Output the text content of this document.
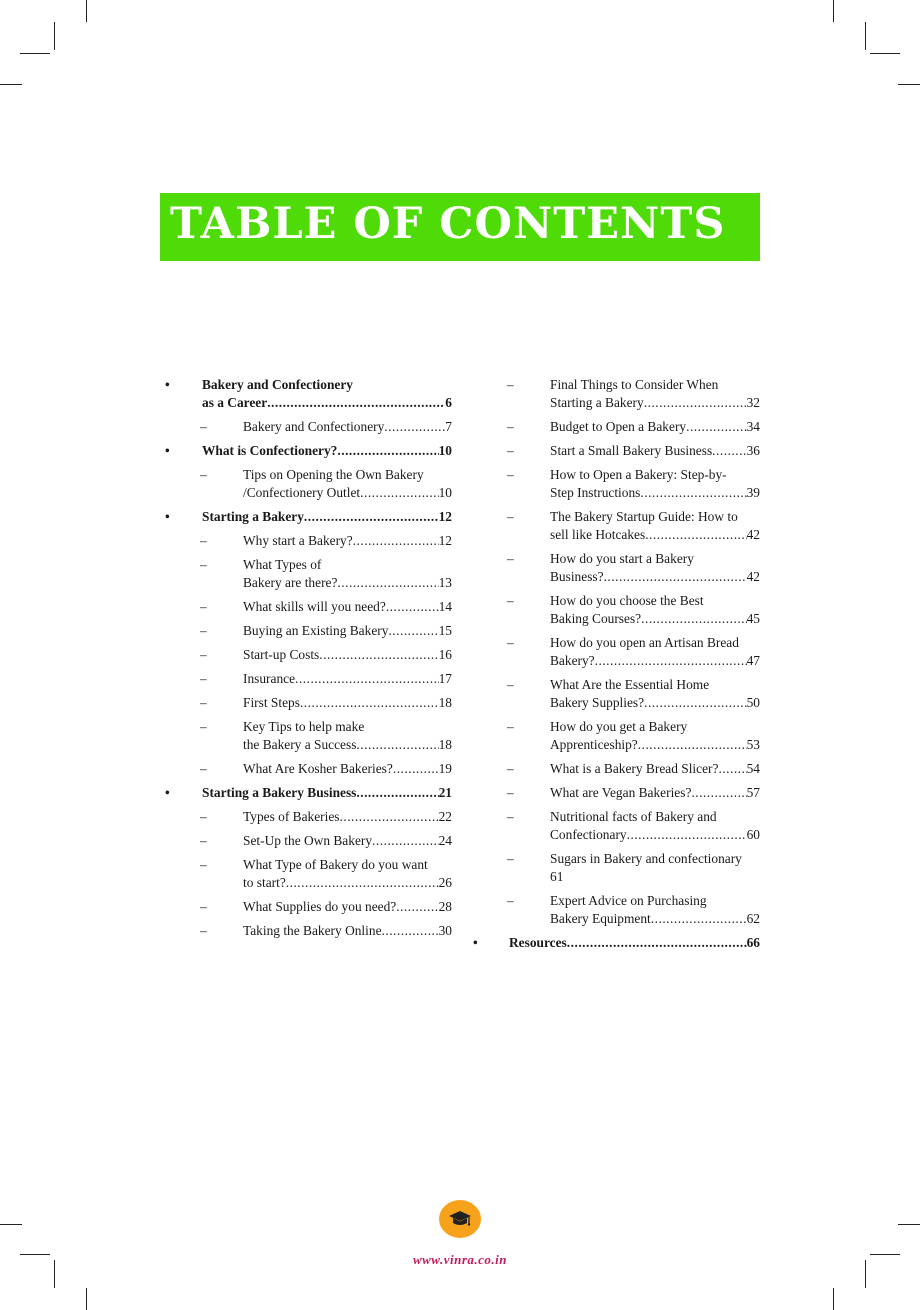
TABLE OF CONTENTS
• Bakery and Confectionery
as a Career .....	6
–	Bakery and Confectionery .....	7
• What is Confectionery? .....	10
–	Tips on Opening the Own Bakery
/Confectionery Outlet .....	10
• Starting a Bakery .....	12
–	Why start a Bakery? .....	12
–	What Types of
Bakery are there? .....	13
–	What skills will you need? .....	14
–	Buying an Existing Bakery .....	15
–	Start-up Costs .....	16
–	Insurance .....	17
–	First Steps .....	18
–	Key Tips to help make
the Bakery a Success .....	18
–	What Are Kosher Bakeries? .....	19
• Starting a Bakery Business .....	21
–	Types of Bakeries .....	22
–	Set-Up the Own Bakery .....	24
–	What Type of Bakery do you want
to start? .....	26
–	What Supplies do you need? .....	28
–	Taking the Bakery Online .....	30
–	Final Things to Consider When
Starting a Bakery .....	32
–	Budget to Open a Bakery .....	34
–	Start a Small Bakery Business .....	36
–	How to Open a Bakery: Step-by-
Step Instructions .....	39
–	The Bakery Startup Guide: How to
sell like Hotcakes .....	42
–	How do you start a Bakery
Business? .....	42
–	How do you choose the Best
Baking Courses? .....	45
–	How do you open an Artisan Bread
Bakery? .....	47
–	What Are the Essential Home
Bakery Supplies? .....	50
–	How do you get a Bakery
Apprenticeship? .....	53
–	What is a Bakery Bread Slicer? ..... 54
–	What are Vegan Bakeries? .....	57
–	Nutritional facts of Bakery and
Confectionary .....	60
–	Sugars in Bakery and confectionary
61
–	Expert Advice on Purchasing
Bakery Equipment .....	62
• Resources .....	66
www.vinra.co.in
